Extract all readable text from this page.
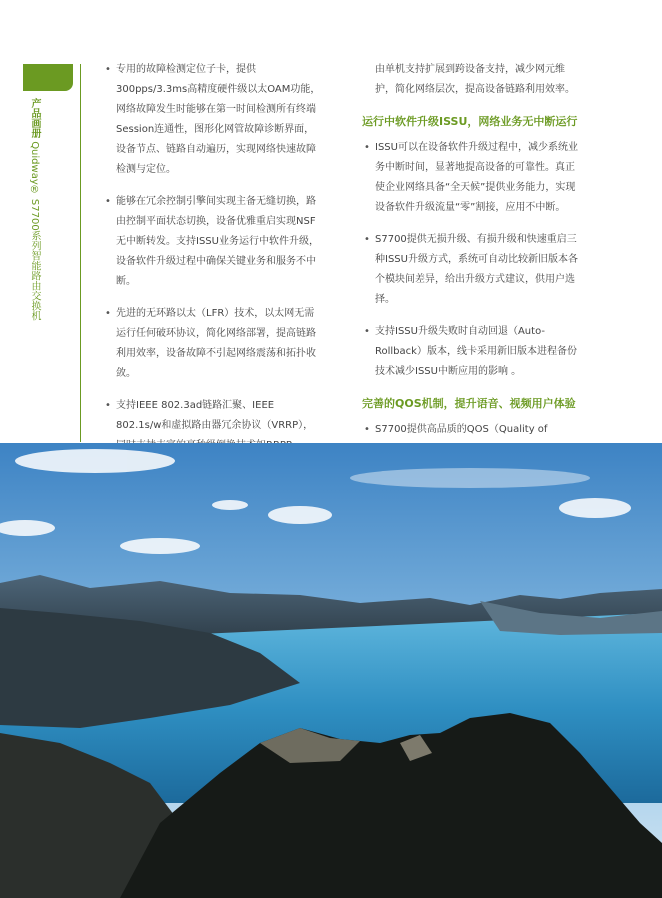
产品画册 Quidway® S7700系列智能路由交换机
• 专用的故障检测定位子卡，提供300pps/3.3ms高精度硬件级以太OAM功能，网络故障发生时能够在第一时间检测所有终端Session连通性，图形化网管故障诊断界面，设备节点、链路自动遍历，实现网络快速故障检测与定位。
• 能够在冗余控制引擎间实现主备无缝切换，路由控制平面状态切换，设备优雅重启实现NSF无中断转发。支持ISSU业务运行中软件升级，设备软件升级过程中确保关键业务和服务不中断。
• 先进的无环路以太（LFR）技术，以太网无需运行任何破环协议，简化网络部署，提高链路利用效率，设备故障不引起网络震荡和拓扑收敛。
• 支持IEEE 802.3ad链路汇聚、IEEE 802.1s/w和虚拟路由器冗余协议（VRRP），
•
由单机支持扩展到跨设备支持，减少网元维护，简化网络层次，提高设备链路利用效率。
运行中软件升级ISSU，网络业务无中断运行
• ISSU可以在设备软件升级过程中，减少系统业务中断时间，显著地提高设备的可靠性。真正使企业网络具备“全天候”提供业务能力，实现设备软件升级流量“零”割接，应用不中断。
• S7700提供无损升级、有损升级和快速重启三种ISSU升级方式，系统可自动比较新旧版本各个模块间差异，给出升级方式建议，供用户选择。
• 支持ISSU升级失败时自动回退（Auto-Rollback）版本，线卡采用新旧版本进程备份技术减少ISSU中断应用的影响 。
完善的QOS机制，提升语音、视频用户体验
• S7700提供高品质的QOS（Quality of
